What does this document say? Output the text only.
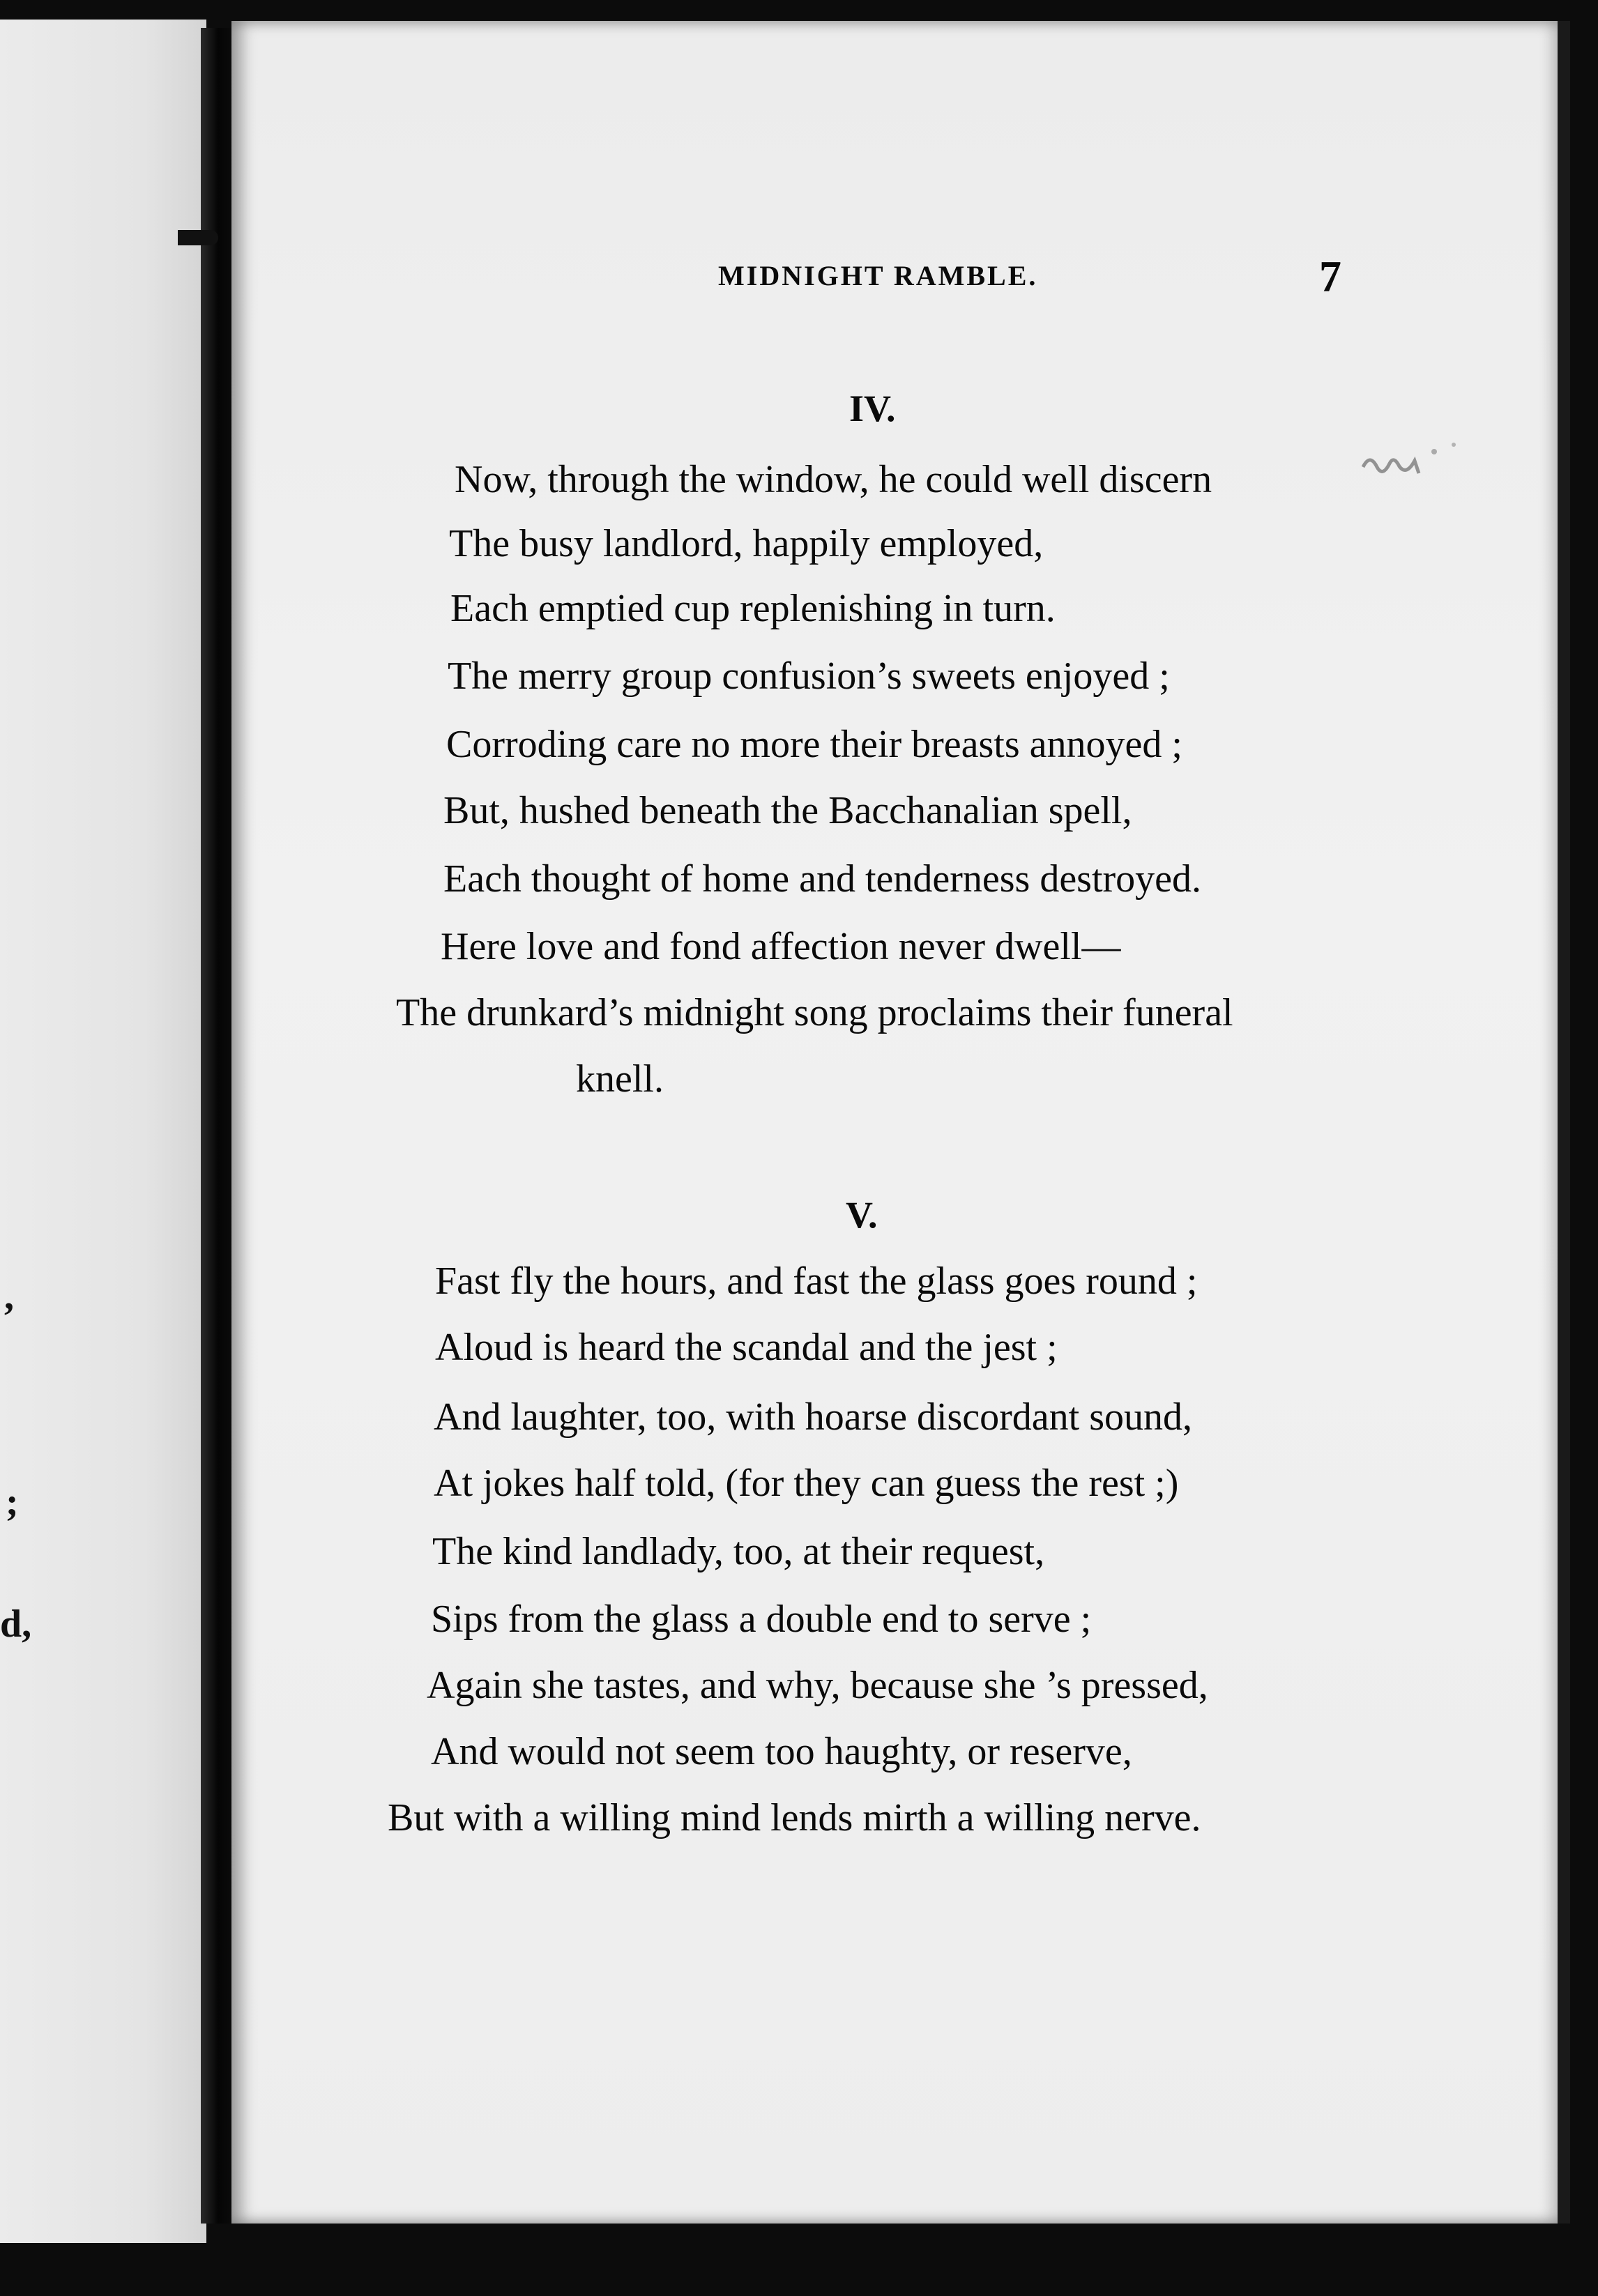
,
;
d,
MIDNIGHT RAMBLE.	7
IV.
Now, through the window, he could well discern
The busy landlord, happily employed,
Each emptied cup replenishing in turn.
The merry group confusion’s sweets enjoyed ;
Corroding care no more their breasts annoyed ;
But, hushed beneath the Bacchanalian spell,
Each thought of home and tenderness destroyed.
Here love and fond affection never dwell—
The drunkard’s midnight song proclaims their funeral
knell.
V.
Fast fly the hours, and fast the glass goes round ;
Aloud is heard the scandal and the jest ;
And laughter, too, with hoarse discordant sound,
At jokes half told, (for they can guess the rest ;)
The kind landlady, too, at their request,
Sips from the glass a double end to serve ;
Again she tastes, and why, because she ’s pressed,
And would not seem too haughty, or reserve,
But with a willing mind lends mirth a willing nerve.
